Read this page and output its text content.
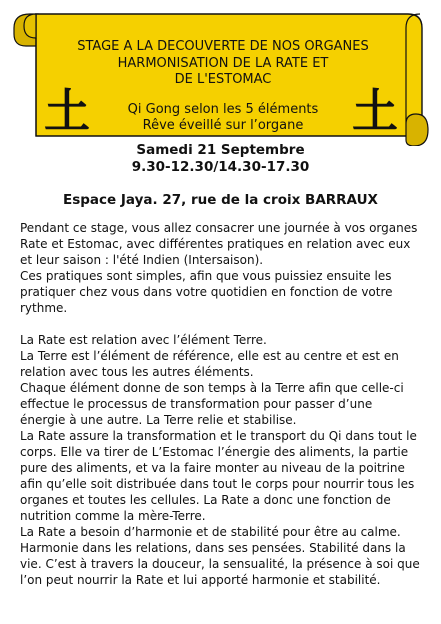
STAGE A LA DECOUVERTE DE NOS ORGANES
HARMONISATION DE LA RATE ET
DE L'ESTOMAC
Qi Gong selon les 5 éléments
Rêve éveillé sur l’organe
土	土
Samedi 21 Septembre
9.30-12.30/14.30-17.30
Espace Jaya. 27, rue de la croix BARRAUX

Pendant ce stage, vous allez consacrer une journée à vos organes Rate et Estomac, avec différentes pratiques en relation avec eux et leur saison : l'été Indien (Intersaison).

Ces pratiques sont simples, afin que vous puissiez ensuite les pratiquer chez vous dans votre quotidien en fonction de votre rythme.

La Rate est relation avec l’élément Terre.

La Terre est l’élément de référence, elle est au centre et est en relation avec tous les autres éléments.

Chaque élément donne de son temps à la Terre afin que celle-ci effectue le processus de transformation pour passer d’une énergie à une autre. La Terre relie et stabilise.

La Rate assure la transformation et le transport du Qi dans tout le corps. Elle va tirer de L’Estomac l’énergie des aliments, la partie pure des aliments, et va la faire monter au niveau de la poitrine afin qu’elle soit distribuée dans tout le corps pour nourrir tous les organes et toutes les cellules. La Rate a donc une fonction de nutrition comme la mère-Terre.

La Rate a besoin d’harmonie et de stabilité pour être au calme. Harmonie dans les relations, dans ses pensées. Stabilité dans la vie. C’est à travers la douceur, la sensualité, la présence à soi que l’on peut nourrir la Rate et lui apporté harmonie et stabilité.
